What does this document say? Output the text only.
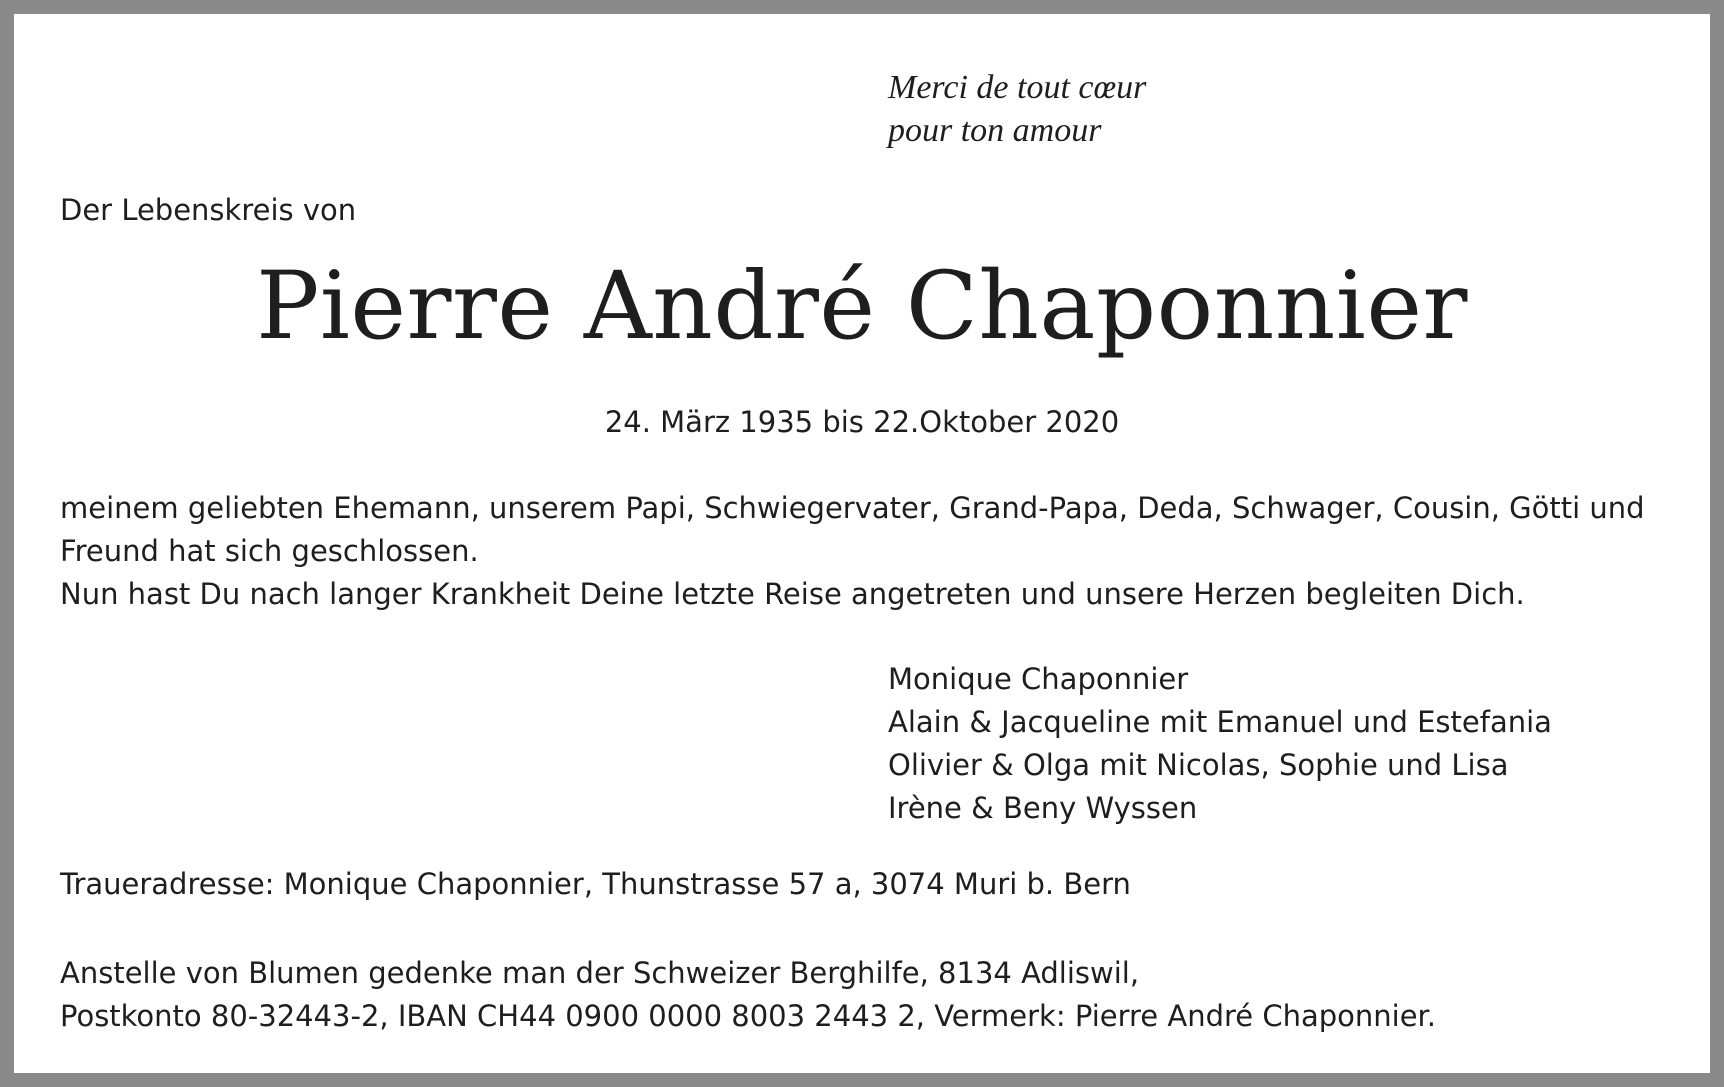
Merci de tout cœur
pour ton amour
Der Lebenskreis von
Pierre André Chaponnier
24. März 1935 bis 22.Oktober 2020
meinem geliebten Ehemann, unserem Papi, Schwiegervater, Grand-Papa, Deda, Schwager, Cousin, Götti und
Freund hat sich geschlossen.
Nun hast Du nach langer Krankheit Deine letzte Reise angetreten und unsere Herzen begleiten Dich.
Monique Chaponnier
Alain & Jacqueline mit Emanuel und Estefania
Olivier & Olga mit Nicolas, Sophie und Lisa
Irène & Beny Wyssen
Traueradresse: Monique Chaponnier, Thunstrasse 57 a, 3074 Muri b. Bern
Anstelle von Blumen gedenke man der Schweizer Berghilfe, 8134 Adliswil,
Postkonto 80-32443-2, IBAN CH44 0900 0000 8003 2443 2, Vermerk: Pierre André Chaponnier.
